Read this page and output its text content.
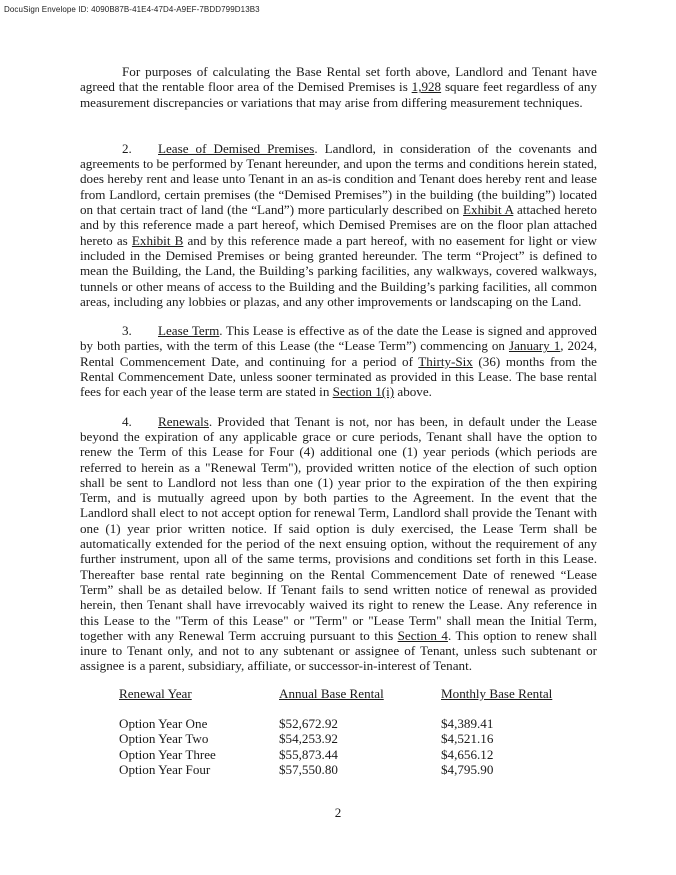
DocuSign Envelope ID: 4090B87B-41E4-47D4-A9EF-7BDD799D13B3

For purposes of calculating the Base Rental set forth above, Landlord and Tenant have agreed that the rentable floor area of the Demised Premises is 1,928 square feet regardless of any measurement discrepancies or variations that may arise from differing measurement techniques.

2. Lease of Demised Premises. Landlord, in consideration of the covenants and agreements to be performed by Tenant hereunder, and upon the terms and conditions herein stated, does hereby rent and lease unto Tenant in an as-is condition and Tenant does hereby rent and lease from Landlord, certain premises (the “Demised Premises”) in the building (the building”) located on that certain tract of land (the “Land”) more particularly described on Exhibit A attached hereto and by this reference made a part hereof, which Demised Premises are on the floor plan attached hereto as Exhibit B and by this reference made a part hereof, with no easement for light or view included in the Demised Premises or being granted hereunder. The term “Project” is defined to mean the Building, the Land, the Building’s parking facilities, any walkways, covered walkways, tunnels or other means of access to the Building and the Building’s parking facilities, all common areas, including any lobbies or plazas, and any other improvements or landscaping on the Land.

3. Lease Term. This Lease is effective as of the date the Lease is signed and approved by both parties, with the term of this Lease (the “Lease Term”) commencing on January 1, 2024, Rental Commencement Date, and continuing for a period of Thirty-Six (36) months from the Rental Commencement Date, unless sooner terminated as provided in this Lease. The base rental fees for each year of the lease term are stated in Section 1(i) above.

4. Renewals. Provided that Tenant is not, nor has been, in default under the Lease beyond the expiration of any applicable grace or cure periods, Tenant shall have the option to renew the Term of this Lease for Four (4) additional one (1) year periods (which periods are referred to herein as a "Renewal Term"), provided written notice of the election of such option shall be sent to Landlord not less than one (1) year prior to the expiration of the then expiring Term, and is mutually agreed upon by both parties to the Agreement. In the event that the Landlord shall elect to not accept option for renewal Term, Landlord shall provide the Tenant with one (1) year prior written notice. If said option is duly exercised, the Lease Term shall be automatically extended for the period of the next ensuing option, without the requirement of any further instrument, upon all of the same terms, provisions and conditions set forth in this Lease. Thereafter base rental rate beginning on the Rental Commencement Date of renewed “Lease Term” shall be as detailed below. If Tenant fails to send written notice of renewal as provided herein, then Tenant shall have irrevocably waived its right to renew the Lease. Any reference in this Lease to the "Term of this Lease" or "Term" or "Lease Term" shall mean the Initial Term, together with any Renewal Term accruing pursuant to this Section 4. This option to renew shall inure to Tenant only, and not to any subtenant or assignee of Tenant, unless such subtenant or assignee is a parent, subsidiary, affiliate, or successor-in-interest of Tenant.

Renewal Year	Annual Base Rental	Monthly Base Rental
Option Year One	$52,672.92	$4,389.41
Option Year Two	$54,253.92	$4,521.16
Option Year Three	$55,873.44	$4,656.12
Option Year Four	$57,550.80	$4,795.90
2
